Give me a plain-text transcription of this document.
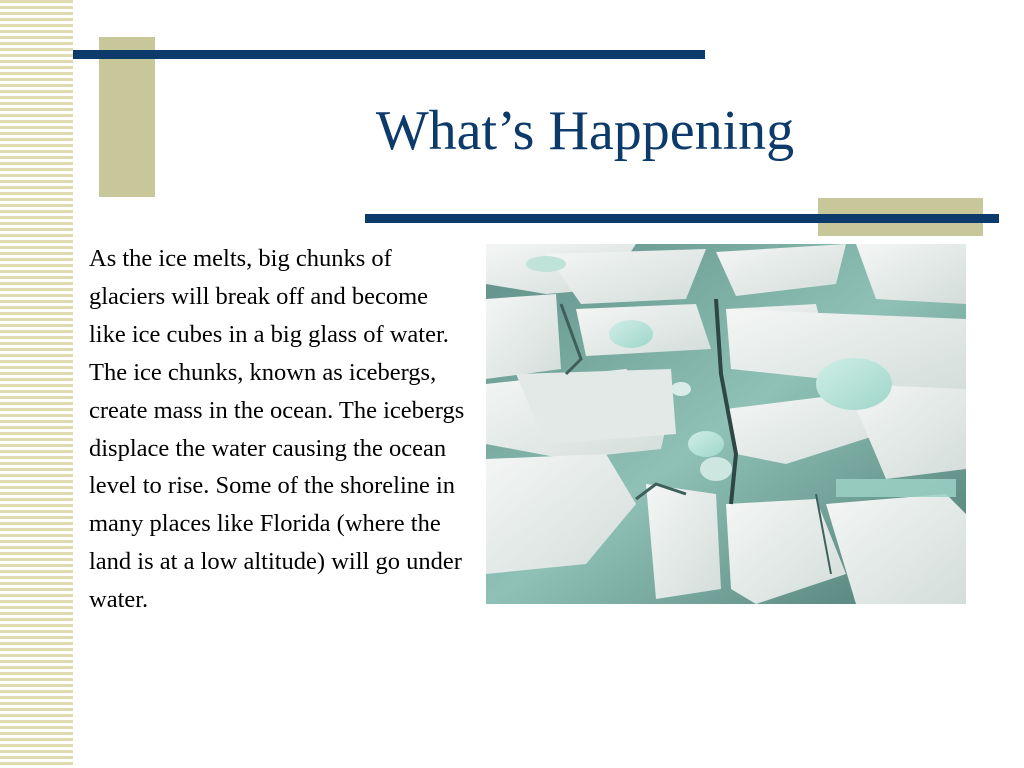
What’s Happening

As the ice melts, big chunks of glaciers will break off and become like ice cubes in a big glass of water. The ice chunks, known as icebergs, create mass in the ocean. The icebergs displace the water causing the ocean level to rise. Some of the shoreline in many places like Florida (where the land is at a low altitude) will go under water.
